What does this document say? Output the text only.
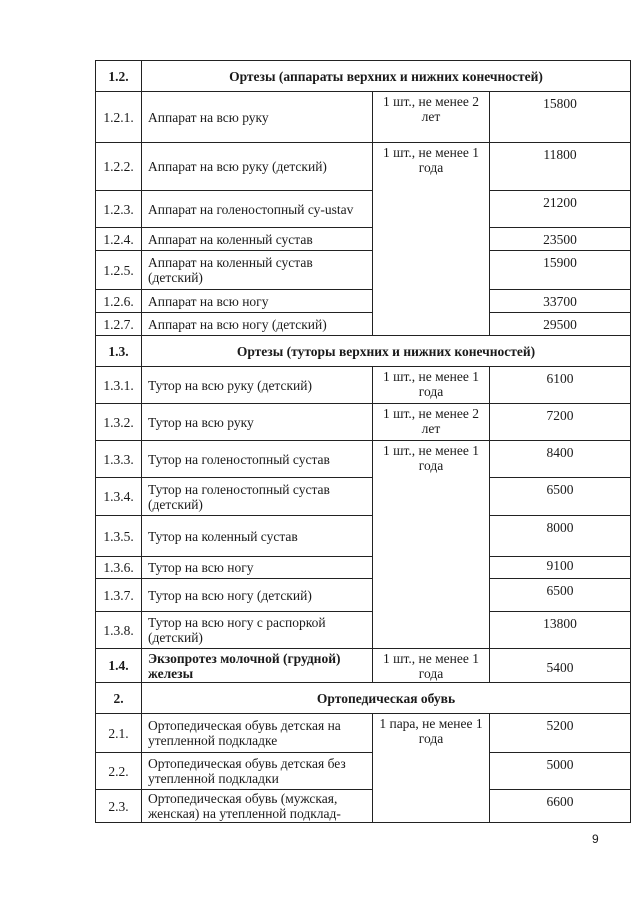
1.2.	Ортезы (аппараты верхних и нижних конечностей)		
1.2.1.	Аппарат на всю руку	1 шт., не менее 2 лет	15800
1.2.2.	Аппарат на всю руку (детский)	1 шт., не менее 1 года	11800
1.2.3.	Аппарат на голеностопный су-ustav		21200
1.2.4.	Аппарат на коленный сустав		23500
1.2.5.	Аппарат на коленный сустав (детский)		15900
1.2.6.	Аппарат на всю ногу		33700
1.2.7.	Аппарат на всю ногу (детский)		29500
1.3.	Ортезы (туторы верхних и нижних конечностей)		
1.3.1.	Тутор на всю руку (детский)	1 шт., не менее 1 года	6100
1.3.2.	Тутор на всю руку	1 шт., не менее 2 лет	7200
1.3.3.	Тутор на голеностопный сустав	1 шт., не менее 1 года	8400
1.3.4.	Тутор на голеностопный сустав (детский)		6500
1.3.5.	Тутор на коленный сустав		8000
1.3.6.	Тутор на всю ногу		9100
1.3.7.	Тутор на всю ногу (детский)		6500
1.3.8.	Тутор на всю ногу с распоркой (детский)		13800
1.4.	Экзопротез молочной (грудной) железы	1 шт., не менее 1 года	5400
2.	Ортопедическая обувь		
2.1.	Ортопедическая обувь детская на утепленной подкладке	1 пара, не менее 1 года	5200
2.2.	Ортопедическая обувь детская без утепленной подкладки		5000
2.3.	Ортопедическая обувь (мужская, женская) на утепленной подклад-		6600
9
